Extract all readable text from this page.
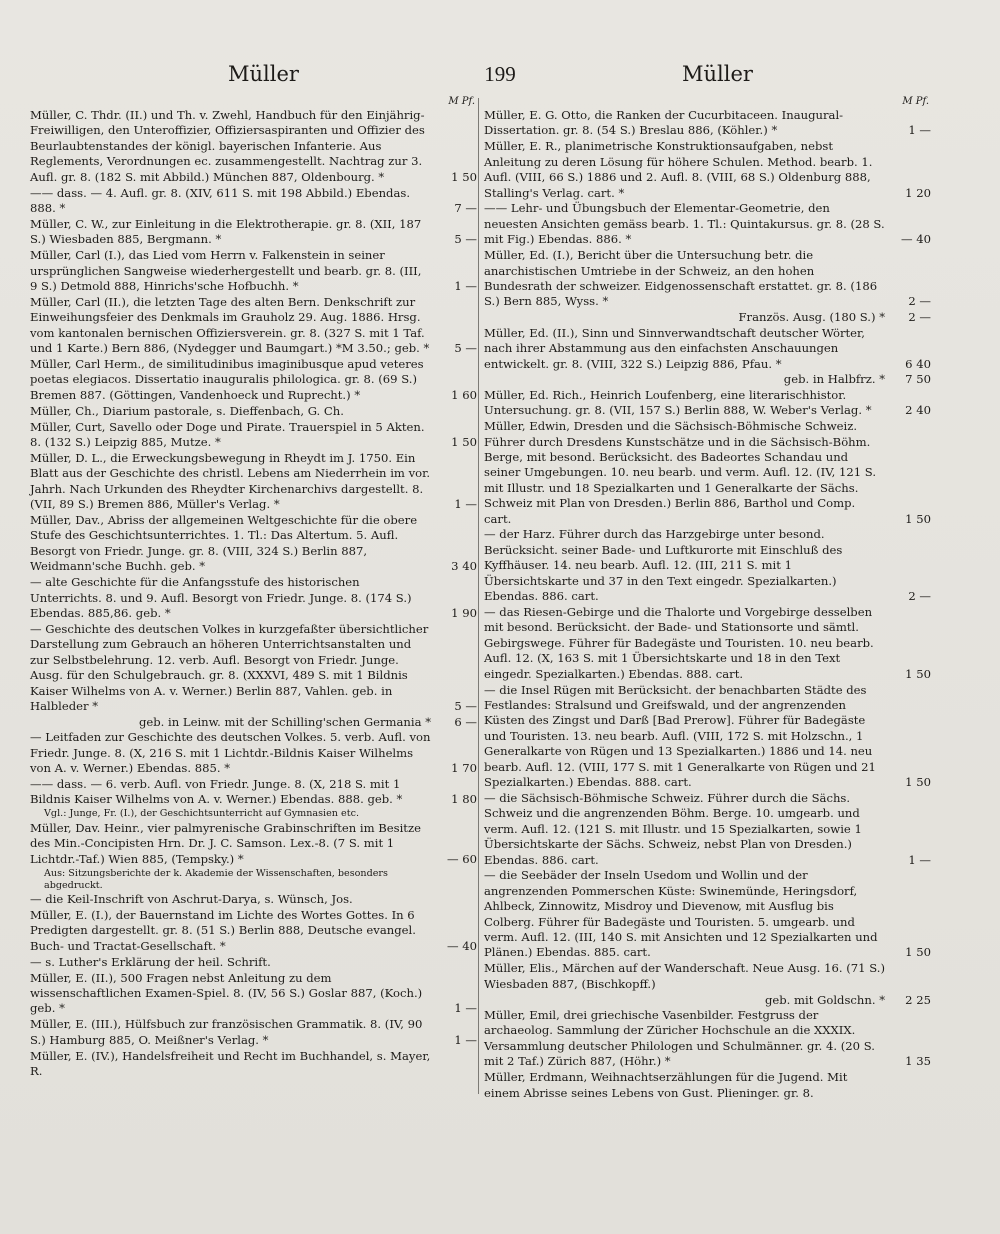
199
Müller	Müller
M Pf.
Müller, C. Thdr. (II.) und Th. v. Zwehl, Handbuch für den Einjährig-Freiwilligen, den Unteroffizier, Offiziersaspiranten und Offizier des Beurlaubtenstandes der königl. bayerischen Infanterie. Aus Reglements, Verordnungen ec. zusammengestellt. Nachtrag zur 3. Aufl. gr. 8. (182 S. mit Abbild.) München 887, Oldenbourg. *	1 50
—— dass. — 4. Aufl. gr. 8. (XIV, 611 S. mit 198 Abbild.) Ebendas. 888. *	7 —
Müller, C. W., zur Einleitung in die Elektrotherapie. gr. 8. (XII, 187 S.) Wiesbaden 885, Bergmann. *	5 —
Müller, Carl (I.), das Lied vom Herrn v. Falkenstein in seiner ursprünglichen Sangweise wiederhergestellt und bearb. gr. 8. (III, 9 S.) Detmold 888, Hinrichs'sche Hofbuchh. *	1 —
Müller, Carl (II.), die letzten Tage des alten Bern. Denkschrift zur Einweihungsfeier des Denkmals im Grauholz 29. Aug. 1886. Hrsg. vom kantonalen bernischen Offiziersverein. gr. 8. (327 S. mit 1 Taf. und 1 Karte.) Bern 886, (Nydegger und Baumgart.) *M 3.50.; geb. *	5 —
Müller, Carl Herm., de similitudinibus imaginibusque apud veteres poetas elegiacos. Dissertatio inauguralis philologica. gr. 8. (69 S.) Bremen 887. (Göttingen, Vandenhoeck und Ruprecht.) *	1 60
Müller, Ch., Diarium pastorale, s. Dieffenbach, G. Ch.
Müller, Curt, Savello oder Doge und Pirate. Trauerspiel in 5 Akten. 8. (132 S.) Leipzig 885, Mutze. *	1 50
Müller, D. L., die Erweckungsbewegung in Rheydt im J. 1750. Ein Blatt aus der Geschichte des christl. Lebens am Niederrhein im vor. Jahrh. Nach Urkunden des Rheydter Kirchenarchivs dargestellt. 8. (VII, 89 S.) Bremen 886, Müller's Verlag. *	1 —
Müller, Dav., Abriss der allgemeinen Weltgeschichte für die obere Stufe des Geschichtsunterrichtes. 1. Tl.: Das Altertum. 5. Aufl. Besorgt von Friedr. Junge. gr. 8. (VIII, 324 S.) Berlin 887, Weidmann'sche Buchh. geb. *	3 40
— alte Geschichte für die Anfangsstufe des historischen Unterrichts. 8. und 9. Aufl. Besorgt von Friedr. Junge. 8. (174 S.) Ebendas. 885,86. geb. *	1 90
— Geschichte des deutschen Volkes in kurzgefaßter übersichtlicher Darstellung zum Gebrauch an höheren Unterrichtsanstalten und zur Selbstbelehrung. 12. verb. Aufl. Besorgt von Friedr. Junge. Ausg. für den Schulgebrauch. gr. 8. (XXXVI, 489 S. mit 1 Bildnis Kaiser Wilhelms von A. v. Werner.) Berlin 887, Vahlen. geb. in Halbleder *	5 —
geb. in Leinw. mit der Schilling'schen Germania *	6 —
— Leitfaden zur Geschichte des deutschen Volkes. 5. verb. Aufl. von Friedr. Junge. 8. (X, 216 S. mit 1 Lichtdr.-Bildnis Kaiser Wilhelms von A. v. Werner.) Ebendas. 885. *	1 70
—— dass. — 6. verb. Aufl. von Friedr. Junge. 8. (X, 218 S. mit 1 Bildnis Kaiser Wilhelms von A. v. Werner.) Ebendas. 888. geb. *	1 80
Vgl.: Junge, Fr. (I.), der Geschichtsunterricht auf Gymnasien etc.
Müller, Dav. Heinr., vier palmyrenische Grabinschriften im Besitze des Min.-Concipisten Hrn. Dr. J. C. Samson. Lex.-8. (7 S. mit 1 Lichtdr.-Taf.) Wien 885, (Tempsky.) *	— 60
Aus: Sitzungsberichte der k. Akademie der Wissenschaften, besonders abgedruckt.
— die Keil-Inschrift von Aschrut-Darya, s. Wünsch, Jos.
Müller, E. (I.), der Bauernstand im Lichte des Wortes Gottes. In 6 Predigten dargestellt. gr. 8. (51 S.) Berlin 888, Deutsche evangel. Buch- und Tractat-Gesellschaft. *	— 40
— s. Luther's Erklärung der heil. Schrift.
Müller, E. (II.), 500 Fragen nebst Anleitung zu dem wissenschaftlichen Examen-Spiel. 8. (IV, 56 S.) Goslar 887, (Koch.) geb. *	1 —
Müller, E. (III.), Hülfsbuch zur französischen Grammatik. 8. (IV, 90 S.) Hamburg 885, O. Meißner's Verlag. *	1 —
Müller, E. (IV.), Handelsfreiheit und Recht im Buchhandel, s. Mayer, R.
M Pf.
Müller, E. G. Otto, die Ranken der Cucurbitaceen. Inaugural-Dissertation. gr. 8. (54 S.) Breslau 886, (Köhler.) *	1 —
Müller, E. R., planimetrische Konstruktionsaufgaben, nebst Anleitung zu deren Lösung für höhere Schulen. Method. bearb. 1. Aufl. (VIII, 66 S.) 1886 und 2. Aufl. 8. (VIII, 68 S.) Oldenburg 888, Stalling's Verlag. cart. *	1 20
—— Lehr- und Übungsbuch der Elementar-Geometrie, den neuesten Ansichten gemäss bearb. 1. Tl.: Quintakursus. gr. 8. (28 S. mit Fig.) Ebendas. 886. *	— 40
Müller, Ed. (I.), Bericht über die Untersuchung betr. die anarchistischen Umtriebe in der Schweiz, an den hohen Bundesrath der schweizer. Eidgenossenschaft erstattet. gr. 8. (186 S.) Bern 885, Wyss. *	2 —
Französ. Ausg. (180 S.) *	2 —
Müller, Ed. (II.), Sinn und Sinnverwandtschaft deutscher Wörter, nach ihrer Abstammung aus den einfachsten Anschauungen entwickelt. gr. 8. (VIII, 322 S.) Leipzig 886, Pfau. *	6 40
geb. in Halbfrz. *	7 50
Müller, Ed. Rich., Heinrich Loufenberg, eine literarischhistor. Untersuchung. gr. 8. (VII, 157 S.) Berlin 888, W. Weber's Verlag. *	2 40
Müller, Edwin, Dresden und die Sächsisch-Böhmische Schweiz. Führer durch Dresdens Kunstschätze und in die Sächsisch-Böhm. Berge, mit besond. Berücksicht. des Badeortes Schandau und seiner Umgebungen. 10. neu bearb. und verm. Aufl. 12. (IV, 121 S. mit Illustr. und 18 Spezialkarten und 1 Generalkarte der Sächs. Schweiz mit Plan von Dresden.) Berlin 886, Barthol und Comp. cart.	1 50
— der Harz. Führer durch das Harzgebirge unter besond. Berücksicht. seiner Bade- und Luftkurorte mit Einschluß des Kyffhäuser. 14. neu bearb. Aufl. 12. (III, 211 S. mit 1 Übersichtskarte und 37 in den Text eingedr. Spezialkarten.) Ebendas. 886. cart.	2 —
— das Riesen-Gebirge und die Thalorte und Vorgebirge desselben mit besond. Berücksicht. der Bade- und Stationsorte und sämtl. Gebirgswege. Führer für Badegäste und Touristen. 10. neu bearb. Aufl. 12. (X, 163 S. mit 1 Übersichtskarte und 18 in den Text eingedr. Spezialkarten.) Ebendas. 888. cart.	1 50
— die Insel Rügen mit Berücksicht. der benachbarten Städte des Festlandes: Stralsund und Greifswald, und der angrenzenden Küsten des Zingst und Darß [Bad Prerow]. Führer für Badegäste und Touristen. 13. neu bearb. Aufl. (VIII, 172 S. mit Holzschn., 1 Generalkarte von Rügen und 13 Spezialkarten.) 1886 und 14. neu bearb. Aufl. 12. (VIII, 177 S. mit 1 Generalkarte von Rügen und 21 Spezialkarten.) Ebendas. 888. cart.	1 50
— die Sächsisch-Böhmische Schweiz. Führer durch die Sächs. Schweiz und die angrenzenden Böhm. Berge. 10. umgearb. und verm. Aufl. 12. (121 S. mit Illustr. und 15 Spezialkarten, sowie 1 Übersichtskarte der Sächs. Schweiz, nebst Plan von Dresden.) Ebendas. 886. cart.	1 —
— die Seebäder der Inseln Usedom und Wollin und der angrenzenden Pommerschen Küste: Swinemünde, Heringsdorf, Ahlbeck, Zinnowitz, Misdroy und Dievenow, mit Ausflug bis Colberg. Führer für Badegäste und Touristen. 5. umgearb. und verm. Aufl. 12. (III, 140 S. mit Ansichten und 12 Spezialkarten und Plänen.) Ebendas. 885. cart.	1 50
Müller, Elis., Märchen auf der Wanderschaft. Neue Ausg. 16. (71 S.) Wiesbaden 887, (Bischkopff.)
geb. mit Goldschn. *	2 25
Müller, Emil, drei griechische Vasenbilder. Festgruss der archaeolog. Sammlung der Züricher Hochschule an die XXXIX. Versammlung deutscher Philologen und Schulmänner. gr. 4. (20 S. mit 2 Taf.) Zürich 887, (Höhr.) *	1 35
Müller, Erdmann, Weihnachtserzählungen für die Jugend. Mit einem Abrisse seines Lebens von Gust. Plieninger. gr. 8.
